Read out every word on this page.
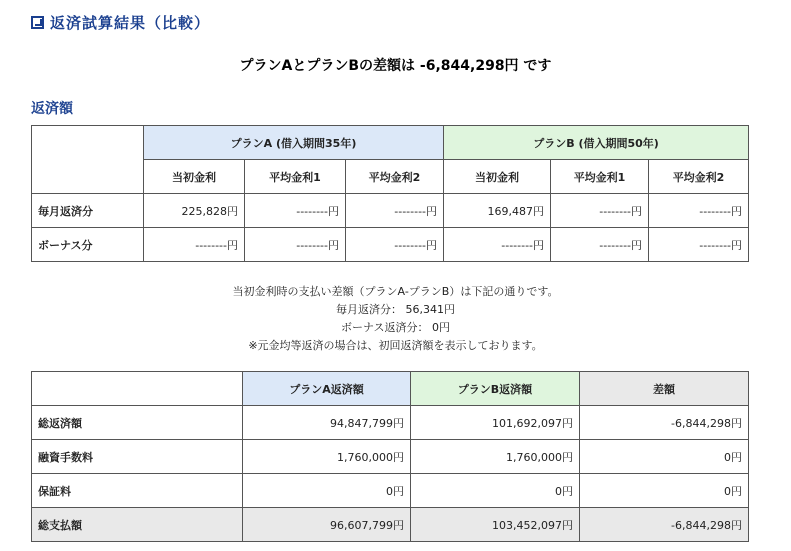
返済試算結果（比較）
プランAとプランBの差額は -6,844,298円 です
返済額
	プランA (借入期間35年)			プランB (借入期間50年)		
	当初金利	平均金利1	平均金利2	当初金利	平均金利1	平均金利2
毎月返済分	225,828円	--------円	--------円	169,487円	--------円	--------円
ボーナス分	--------円	--------円	--------円	--------円	--------円	--------円
当初金利時の支払い差額（プランA-プランB）は下記の通りです。
毎月返済分： 56,341円
ボーナス返済分： 0円
※元金均等返済の場合は、初回返済額を表示しております。
	プランA返済額	プランB返済額	差額
総返済額	94,847,799円	101,692,097円	-6,844,298円
融資手数料	1,760,000円	1,760,000円	0円
保証料	0円	0円	0円
総支払額	96,607,799円	103,452,097円	-6,844,298円
